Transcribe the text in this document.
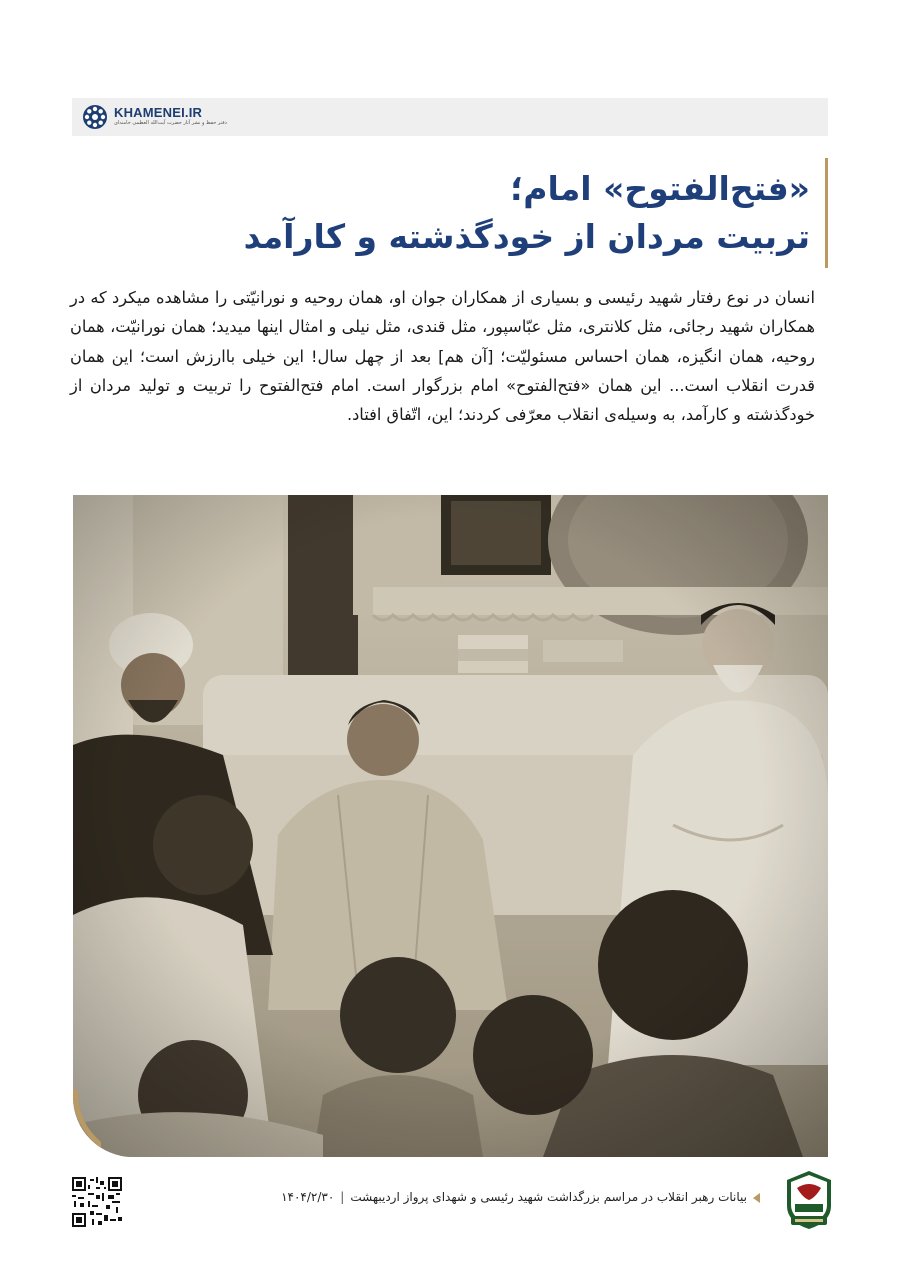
KHAMENEI.IR
دفتر حفظ و نشر آثار حضرت آیت‌الله العظمی خامنه‌ای
«فتح‌الفتوح» امام؛
تربیت مردان از خودگذشته و کارآمد
انسان در نوع رفتار شهید رئیسی و بسیاری از همکاران جوان او، همان روحیه و نورانیّتی را مشاهده میکرد که در همکاران شهید رجائی، مثل کلانتری، مثل عبّاسپور، مثل قندی، مثل نیلی و امثال اینها میدید؛ همان نورانیّت، همان روحیه، همان انگیزه، همان احساس مسئولیّت؛ [آن هم] بعد از چهل سال! این خیلی باارزش است؛ این همان قدرت انقلاب است... این همان «فتح‌الفتوح» امام بزرگوار است. امام فتح‌الفتوح را تربیت و تولید مردان از خودگذشته و کارآمد، به وسیله‌ی انقلاب معرّفی کردند؛ این، اتّفاق افتاد.
بیانات رهبر انقلاب در مراسم بزرگداشت شهید رئیسی و شهدای پرواز اردیبهشت|۱۴۰۴/۲/۳۰
